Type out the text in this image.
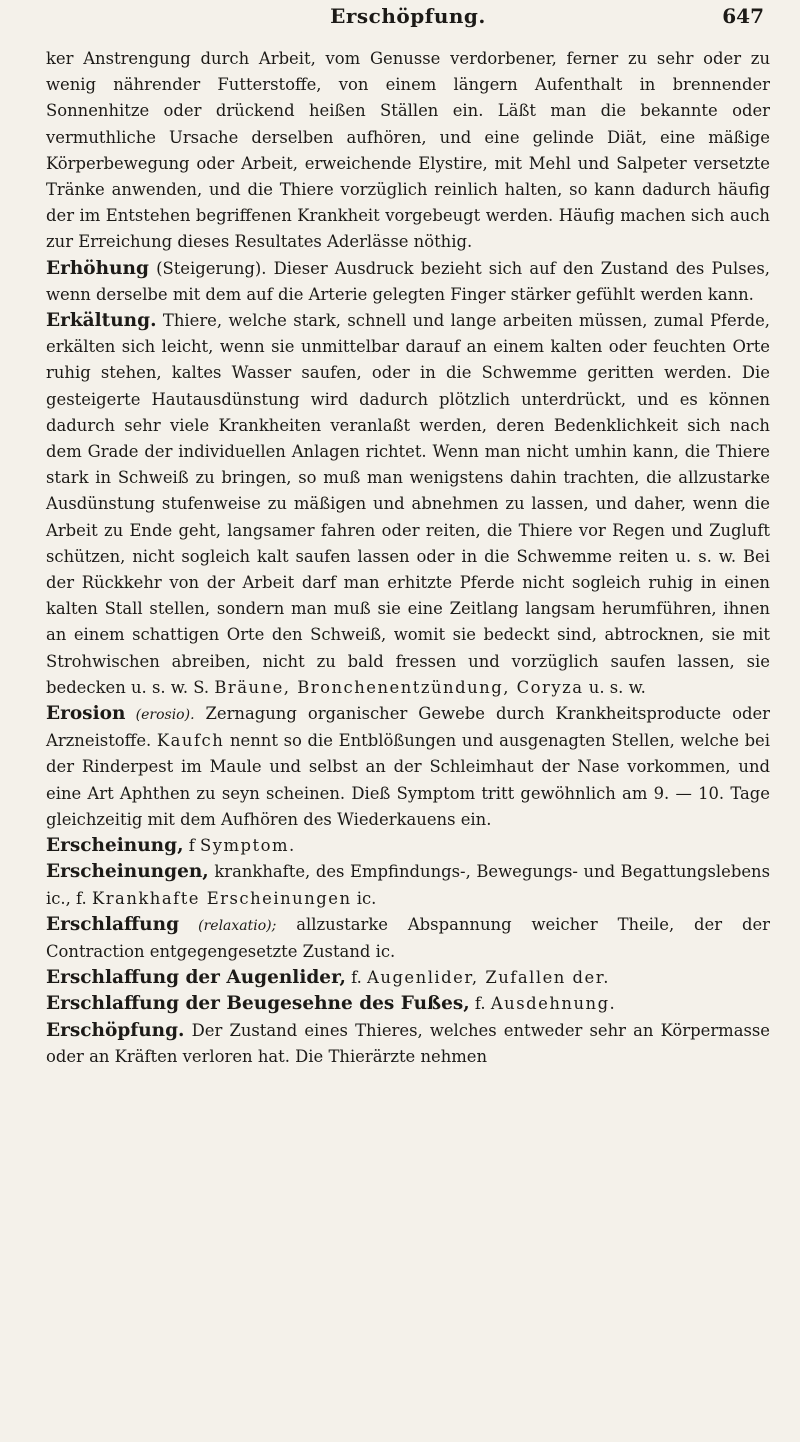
Erschöpfung.	647

ker Anstrengung durch Arbeit, vom Genusse verdorbener, ferner zu sehr oder zu wenig nährender Futterstoffe, von einem längern Aufenthalt in brennender Sonnenhitze oder drückend heißen Ställen ein. Läßt man die bekannte oder vermuthliche Ursache derselben aufhören, und eine gelinde Diät, eine mäßige Körperbewegung oder Arbeit, erweichende Elystire, mit Mehl und Salpeter versetzte Tränke anwenden, und die Thiere vorzüglich reinlich halten, so kann dadurch häufig der im Entstehen begriffenen Krankheit vorgebeugt werden. Häufig machen sich auch zur Erreichung dieses Resultates Aderlässe nöthig.

Erhöhung (Steigerung). Dieser Ausdruck bezieht sich auf den Zustand des Pulses, wenn derselbe mit dem auf die Arterie gelegten Finger stärker gefühlt werden kann.

Erkältung. Thiere, welche stark, schnell und lange arbeiten müssen, zumal Pferde, erkälten sich leicht, wenn sie unmittelbar darauf an einem kalten oder feuchten Orte ruhig stehen, kaltes Wasser saufen, oder in die Schwemme geritten werden. Die gesteigerte Hautausdünstung wird dadurch plötzlich unterdrückt, und es können dadurch sehr viele Krankheiten veranlaßt werden, deren Bedenklichkeit sich nach dem Grade der individuellen Anlagen richtet. Wenn man nicht umhin kann, die Thiere stark in Schweiß zu bringen, so muß man wenigstens dahin trachten, die allzustarke Ausdünstung stufenweise zu mäßigen und abnehmen zu lassen, und daher, wenn die Arbeit zu Ende geht, langsamer fahren oder reiten, die Thiere vor Regen und Zugluft schützen, nicht sogleich kalt saufen lassen oder in die Schwemme reiten u. s. w. Bei der Rückkehr von der Arbeit darf man erhitzte Pferde nicht sogleich ruhig in einen kalten Stall stellen, sondern man muß sie eine Zeitlang langsam herumführen, ihnen an einem schattigen Orte den Schweiß, womit sie bedeckt sind, abtrocknen, sie mit Strohwischen abreiben, nicht zu bald fressen und vorzüglich saufen lassen, sie bedecken u. s. w. S. Bräune, Bronchenentzündung, Coryza u. s. w.

Erosion (erosio). Zernagung organischer Gewebe durch Krankheitsproducte oder Arzneistoffe. Kaufch nennt so die Entblößungen und ausgenagten Stellen, welche bei der Rinderpest im Maule und selbst an der Schleimhaut der Nase vorkommen, und eine Art Aphthen zu seyn scheinen. Dieß Symptom tritt gewöhnlich am 9. — 10. Tage gleichzeitig mit dem Aufhören des Wiederkauens ein.

Erscheinung, f Symptom.

Erscheinungen, krankhafte, des Empfindungs-, Bewegungs- und Begattungslebens ic., f. Krankhafte Erscheinungen ic.

Erschlaffung (relaxatio); allzustarke Abspannung weicher Theile, der der Contraction entgegengesetzte Zustand ic.

Erschlaffung der Augenlider, f. Augenlider, Zufallen der.

Erschlaffung der Beugesehne des Fußes, f. Ausdehnung.

Erschöpfung. Der Zustand eines Thieres, welches entweder sehr an Körpermasse oder an Kräften verloren hat. Die Thierärzte nehmen
